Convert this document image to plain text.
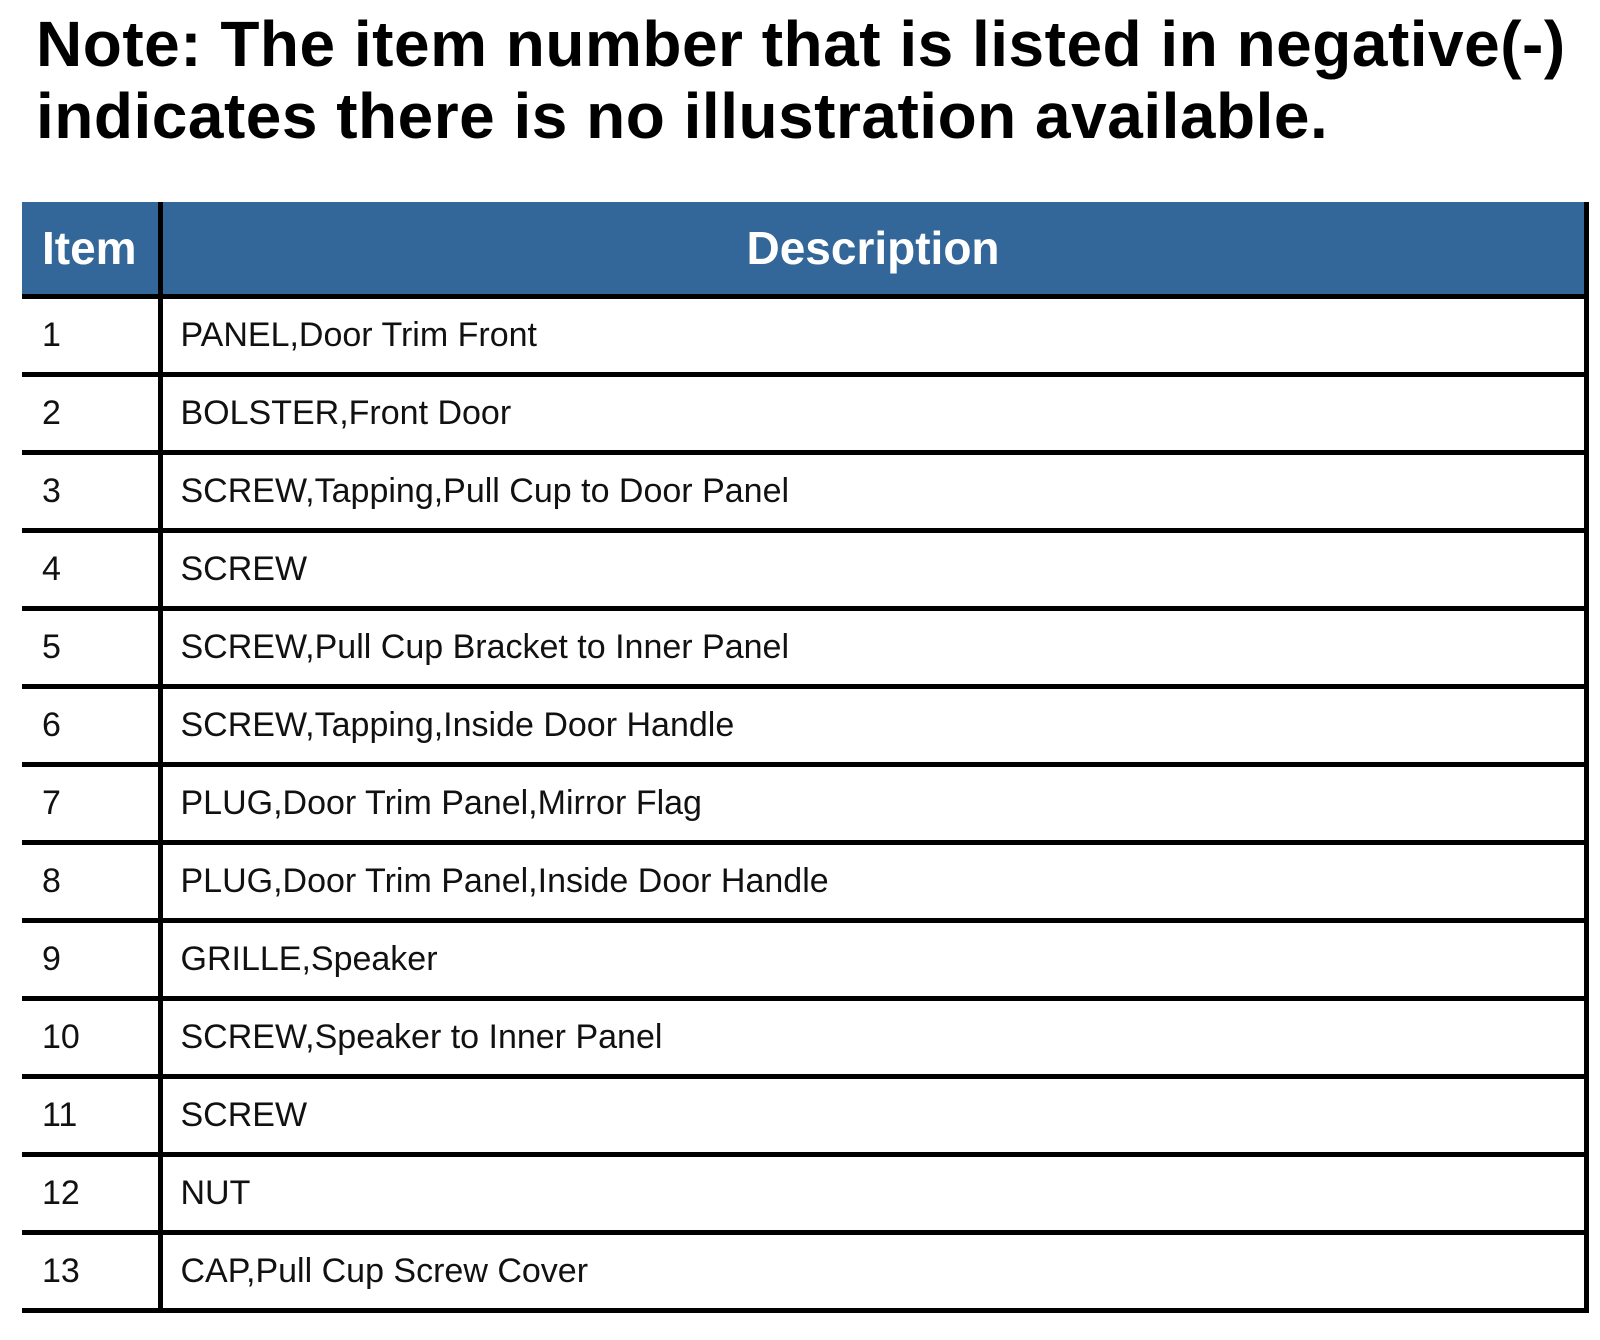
Note: The item number that is listed in negative(-) indicates there is no illustration available.

Item	Description
1	PANEL,Door Trim Front
2	BOLSTER,Front Door
3	SCREW,Tapping,Pull Cup to Door Panel
4	SCREW
5	SCREW,Pull Cup Bracket to Inner Panel
6	SCREW,Tapping,Inside Door Handle
7	PLUG,Door Trim Panel,Mirror Flag
8	PLUG,Door Trim Panel,Inside Door Handle
9	GRILLE,Speaker
10	SCREW,Speaker to Inner Panel
11	SCREW
12	NUT
13	CAP,Pull Cup Screw Cover
